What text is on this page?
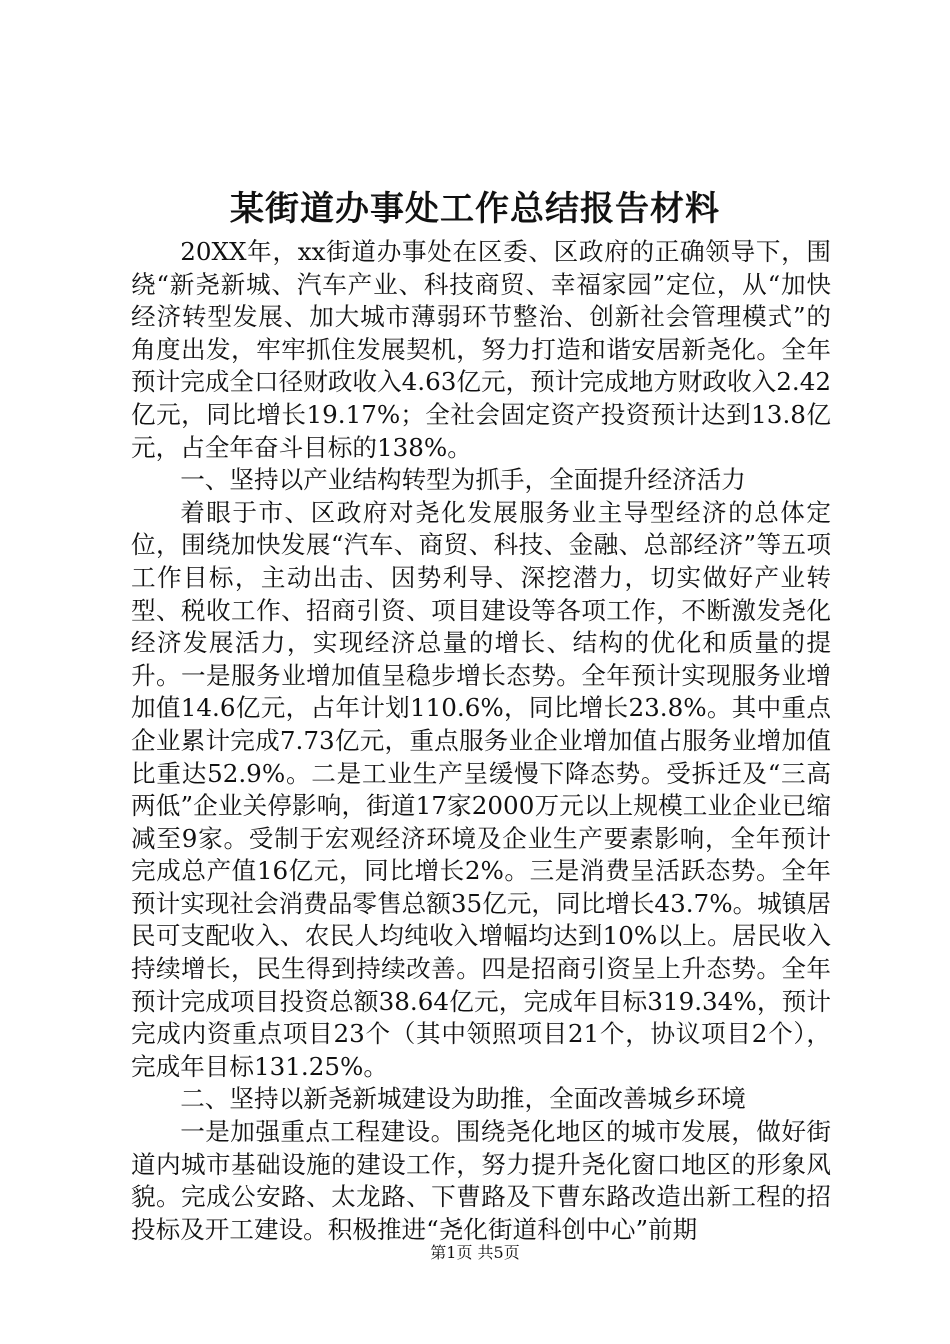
某街道办事处工作总结报告材料

20XX年，xx街道办事处在区委、区政府的正确领导下，围绕“新尧新城、汽车产业、科技商贸、幸福家园”定位，从“加快经济转型发展、加大城市薄弱环节整治、创新社会管理模式”的角度出发，牢牢抓住发展契机，努力打造和谐安居新尧化。全年预计完成全口径财政收入4.63亿元，预计完成地方财政收入2.42亿元，同比增长19.17%；全社会固定资产投资预计达到13.8亿元，占全年奋斗目标的138%。

一、坚持以产业结构转型为抓手，全面提升经济活力

着眼于市、区政府对尧化发展服务业主导型经济的总体定位，围绕加快发展“汽车、商贸、科技、金融、总部经济”等五项工作目标，主动出击、因势利导、深挖潜力，切实做好产业转型、税收工作、招商引资、项目建设等各项工作，不断激发尧化经济发展活力，实现经济总量的增长、结构的优化和质量的提升。一是服务业增加值呈稳步增长态势。全年预计实现服务业增加值14.6亿元，占年计划110.6%，同比增长23.8%。其中重点企业累计完成7.73亿元，重点服务业企业增加值占服务业增加值比重达52.9%。二是工业生产呈缓慢下降态势。受拆迁及“三高两低”企业关停影响，街道17家2000万元以上规模工业企业已缩减至9家。受制于宏观经济环境及企业生产要素影响，全年预计完成总产值16亿元，同比增长2%。三是消费呈活跃态势。全年预计实现社会消费品零售总额35亿元，同比增长43.7%。城镇居民可支配收入、农民人均纯收入增幅均达到10%以上。居民收入持续增长，民生得到持续改善。四是招商引资呈上升态势。全年预计完成项目投资总额38.64亿元，完成年目标319.34%，预计完成内资重点项目23个（其中领照项目21个，协议项目2个），完成年目标131.25%。

二、坚持以新尧新城建设为助推，全面改善城乡环境

一是加强重点工程建设。围绕尧化地区的城市发展，做好街道内城市基础设施的建设工作，努力提升尧化窗口地区的形象风貌。完成公安路、太龙路、下曹路及下曹东路改造出新工程的招投标及开工建设。积极推进“尧化街道科创中心”前期

第1页 共5页
